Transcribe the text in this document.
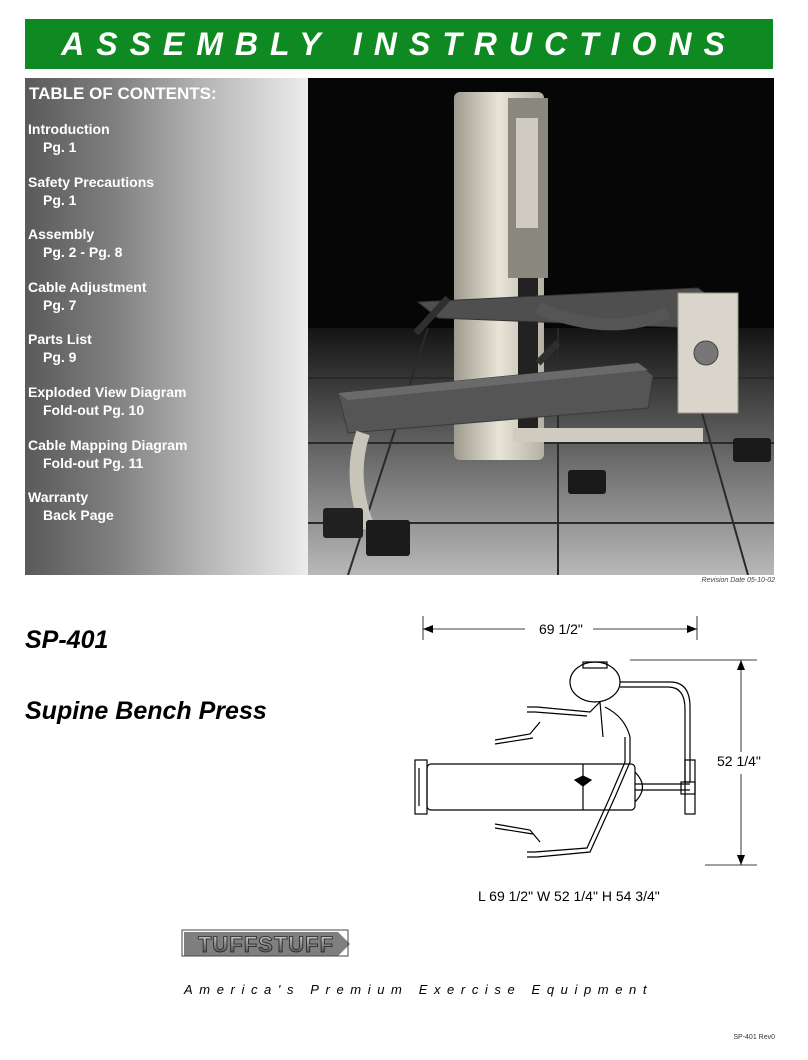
ASSEMBLY INSTRUCTIONS
TABLE OF CONTENTS:
Introduction
Pg. 1
Safety Precautions
Pg. 1
Assembly
Pg. 2 - Pg. 8
Cable Adjustment
Pg. 7
Parts List
Pg. 9
Exploded View Diagram
Fold-out Pg. 10
Cable Mapping Diagram
Fold-out Pg. 11
Warranty
Back Page
Revision Date 05-10-02
SP-401
Supine Bench Press
69 1/2"
52 1/4"
L 69 1/2" W 52 1/4" H 54 3/4"
TUFFSTUFF
America's Premium Exercise Equipment
SP-401 Rev0
